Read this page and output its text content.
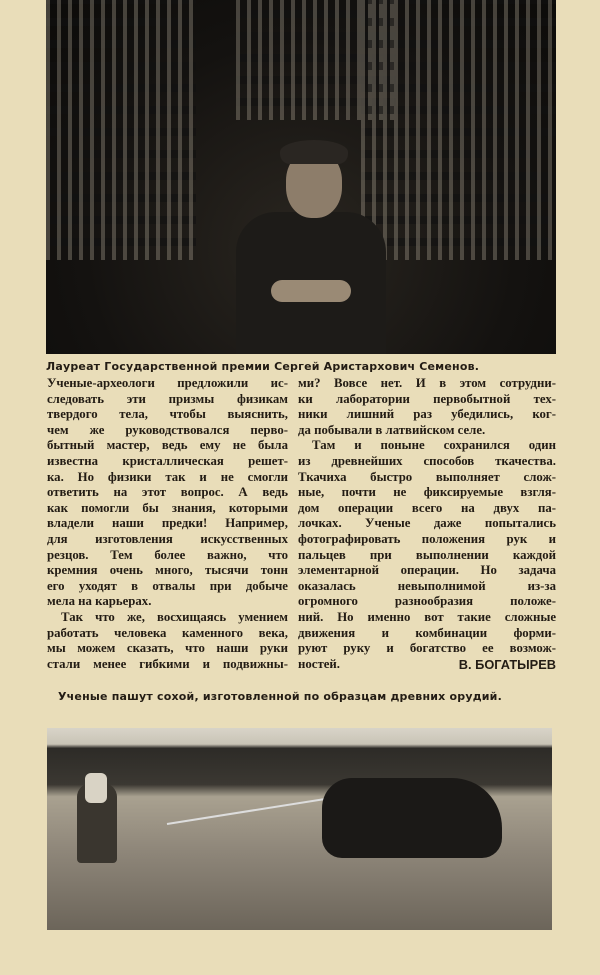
Лауреат Государственной премии Сергей Аристархович Семенов.
Ученые-археологи предложили ис-
следовать эти призмы физикам
твердого тела, чтобы выяснить,
чем же руководствовался перво-
бытный мастер, ведь ему не была
известна кристаллическая решет-
ка. Но физики так и не смогли
ответить на этот вопрос. А ведь
как помогли бы знания, которыми
владели наши предки! Например,
для изготовления искусственных
резцов. Тем более важно, что
кремния очень много, тысячи тонн
его уходят в отвалы при добыче
мела на карьерах.
Так что же, восхищаясь умением
работать человека каменного века,
мы можем сказать, что наши руки
стали менее гибкими и подвижны-
ми? Вовсе нет. И в этом сотрудни-
ки лаборатории первобытной тех-
ники лишний раз убедились, ког-
да побывали в латвийском селе.
Там и поныне сохранился один
из древнейших способов ткачества.
Ткачиха быстро выполняет слож-
ные, почти не фиксируемые взгля-
дом операции всего на двух па-
лочках. Ученые даже попытались
фотографировать положения рук и
пальцев при выполнении каждой
элементарной операции. Но задача
оказалась невыполнимой из-за
огромного разнообразия положе-
ний. Но именно вот такие сложные
движения и комбинации форми-
руют руку и богатство ее возмож-
ностей.	В. БОГАТЫРЕВ
Ученые пашут сохой, изготовленной по образцам древних орудий.
